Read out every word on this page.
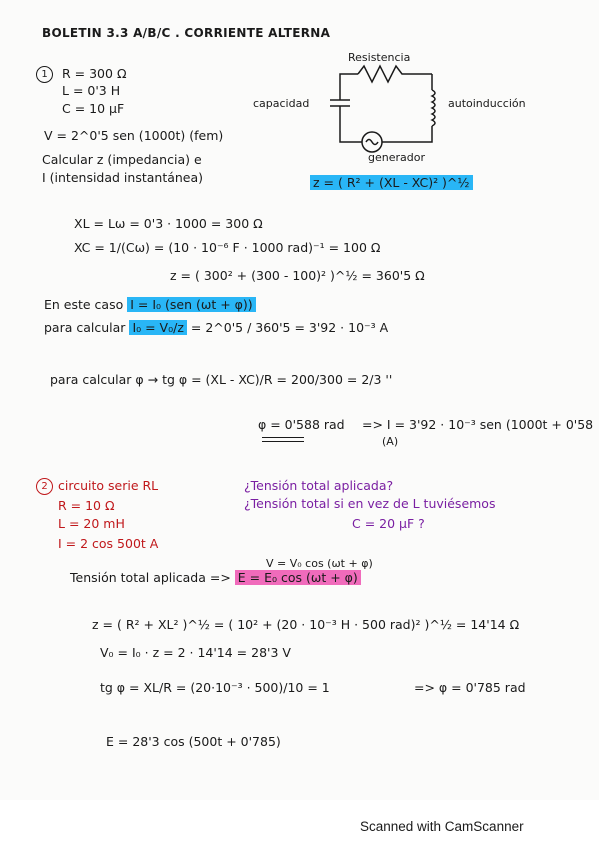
BOLETIN 3.3 A/B/C . CORRIENTE ALTERNA
Resistencia
capacidad	autoinducción
generador
1	R = 300 Ω
L = 0'3 H
C = 10 μF
V = 2^0'5 sen (1000t) (fem)
Calcular z (impedancia) e
I (intensidad instantánea)	z = ( R² + (XL - XC)² )^½
XL = Lω = 0'3 · 1000 = 300 Ω
XC = 1/(Cω) = (10 · 10⁻⁶ F · 1000 rad)⁻¹ = 100 Ω
z = ( 300² + (300 - 100)² )^½ = 360'5 Ω
En este caso I = I₀ (sen (ωt + φ))
para calcular I₀ = V₀/z = 2^0'5 / 360'5 = 3'92 · 10⁻³ A
para calcular φ → tg φ = (XL - XC)/R = 200/300 = 2/3 ''
φ = 0'588 rad => I = 3'92 · 10⁻³ sen (1000t + 0'58
(A)
2 circuito serie RL
R = 10 Ω
L = 20 mH
I = 2 cos 500t A
¿Tensión total aplicada?
¿Tensión total si en vez de L tuviésemos
C = 20 μF ?
V = V₀ cos (ωt + φ)
Tensión total aplicada => E = E₀ cos (ωt + φ)
z = ( R² + XL² )^½ = ( 10² + (20 · 10⁻³ H · 500 rad)² )^½ = 14'14 Ω
V₀ = I₀ · z = 2 · 14'14 = 28'3 V
tg φ = XL/R = (20·10⁻³ · 500)/10 = 1	=> φ = 0'785 rad
E = 28'3 cos (500t + 0'785)
Scanned with CamScanner
